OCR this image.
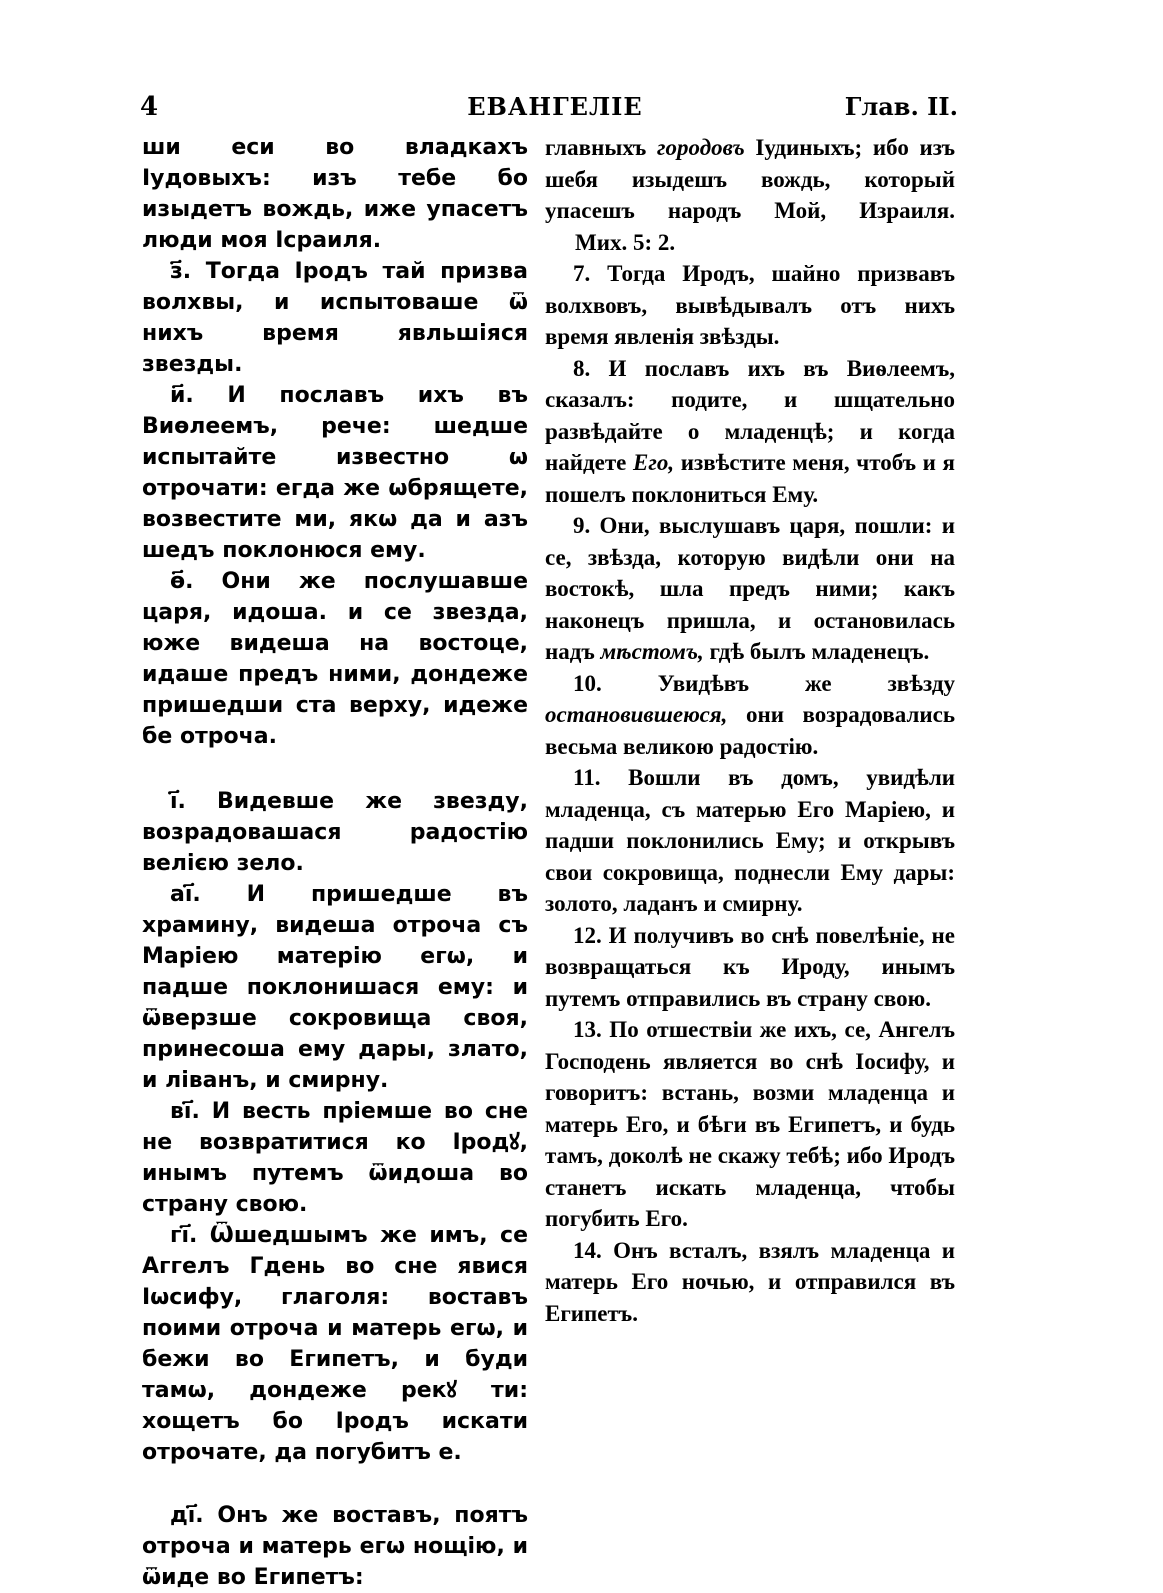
4	ЕВАНГЕЛІЕ	Глав. II.

ши еси во владкахъ Іудовыхъ: изъ тебе бо изыдетъ вождь, иже упасетъ люди моя Ісраиля.

з҃. Тогда Іродъ тай призва волхвы, и испытоваше ѿ нихъ время явльшіяся звезды.

и҃. И пославъ ихъ въ Виѳлеемъ, рече: шедше испытайте известно ѡ отрочати: егда же ѡбрящете, возвестите ми, якѡ да и азъ шедъ поклонюся ему.

ѳ҃. Они же послушавше царя, идоша. и се звезда, юже видеша на востоце, идаше предъ ними, дондеже пришедши ста верху, идеже бе отроча.

і҃. Видевше же звезду, возрадовашася радостію велією зело.

аі҃. И пришедше въ храмину, видеша отроча съ Маріею матерію егѡ, и падше поклонишася ему: и ѿверзше сокровища своя, принесоша ему дары, злато, и ліванъ, и смирну.

ві҃. И весть пріемше во сне не возвратитися ко Іродꙋ, инымъ путемъ ѿидоша во страну свою.

гі҃. Ѿшедшымъ же имъ, се Аггелъ Гдень во сне явися Іѡсифу, глаголя: воставъ поими отроча и матерь егѡ, и бежи во Египетъ, и буди тамѡ, дондеже рекꙋ ти: хощетъ бо Іродъ искати отрочате, да погубитъ е.

ді҃. Онъ же воставъ, поятъ отроча и матерь егѡ нощію, и ѿиде во Египетъ:

главныхъ городовъ Іудиныхъ; ибо изъ шебя изыдешъ вождь, который упасешъ народъ Мой, Израиля. Мих. 5: 2.

7. Тогда Иродъ, шайно призвавъ волхвовъ, вывѣдывалъ отъ нихъ время явленія звѣзды.

8. И пославъ ихъ въ Виѳлеемъ, сказалъ: подите, и шщательно развѣдайте о младенцѣ; и когда найдете Его, извѣстите меня, чтобъ и я пошелъ поклониться Ему.

9. Они, выслушавъ царя, пошли: и се, звѣзда, которую видѣли они на востокѣ, шла предъ ними; какъ наконецъ пришла, и остановилась надъ мѣстомъ, гдѣ былъ младенецъ.

10. Увидѣвъ же звѣзду остановившеюся, они возрадовались весьма великою радостію.

11. Вошли въ домъ, увидѣли младенца, съ матерью Его Маріею, и падши поклонились Ему; и открывъ свои сокровища, поднесли Ему дары: золото, ладанъ и смирну.

12. И получивъ во снѣ повелѣніе, не возвращаться къ Ироду, инымъ путемъ отправились въ страну свою.

13. По отшествіи же ихъ, се, Ангелъ Господень является во снѣ Іосифу, и говоритъ: встань, возми младенца и матерь Его, и бѣги въ Египетъ, и будь тамъ, доколѣ не скажу тебѣ; ибо Иродъ станетъ искать младенца, чтобы погубить Его.

14. Онъ всталъ, взялъ младенца и матерь Его ночью, и отправился въ Египетъ.
